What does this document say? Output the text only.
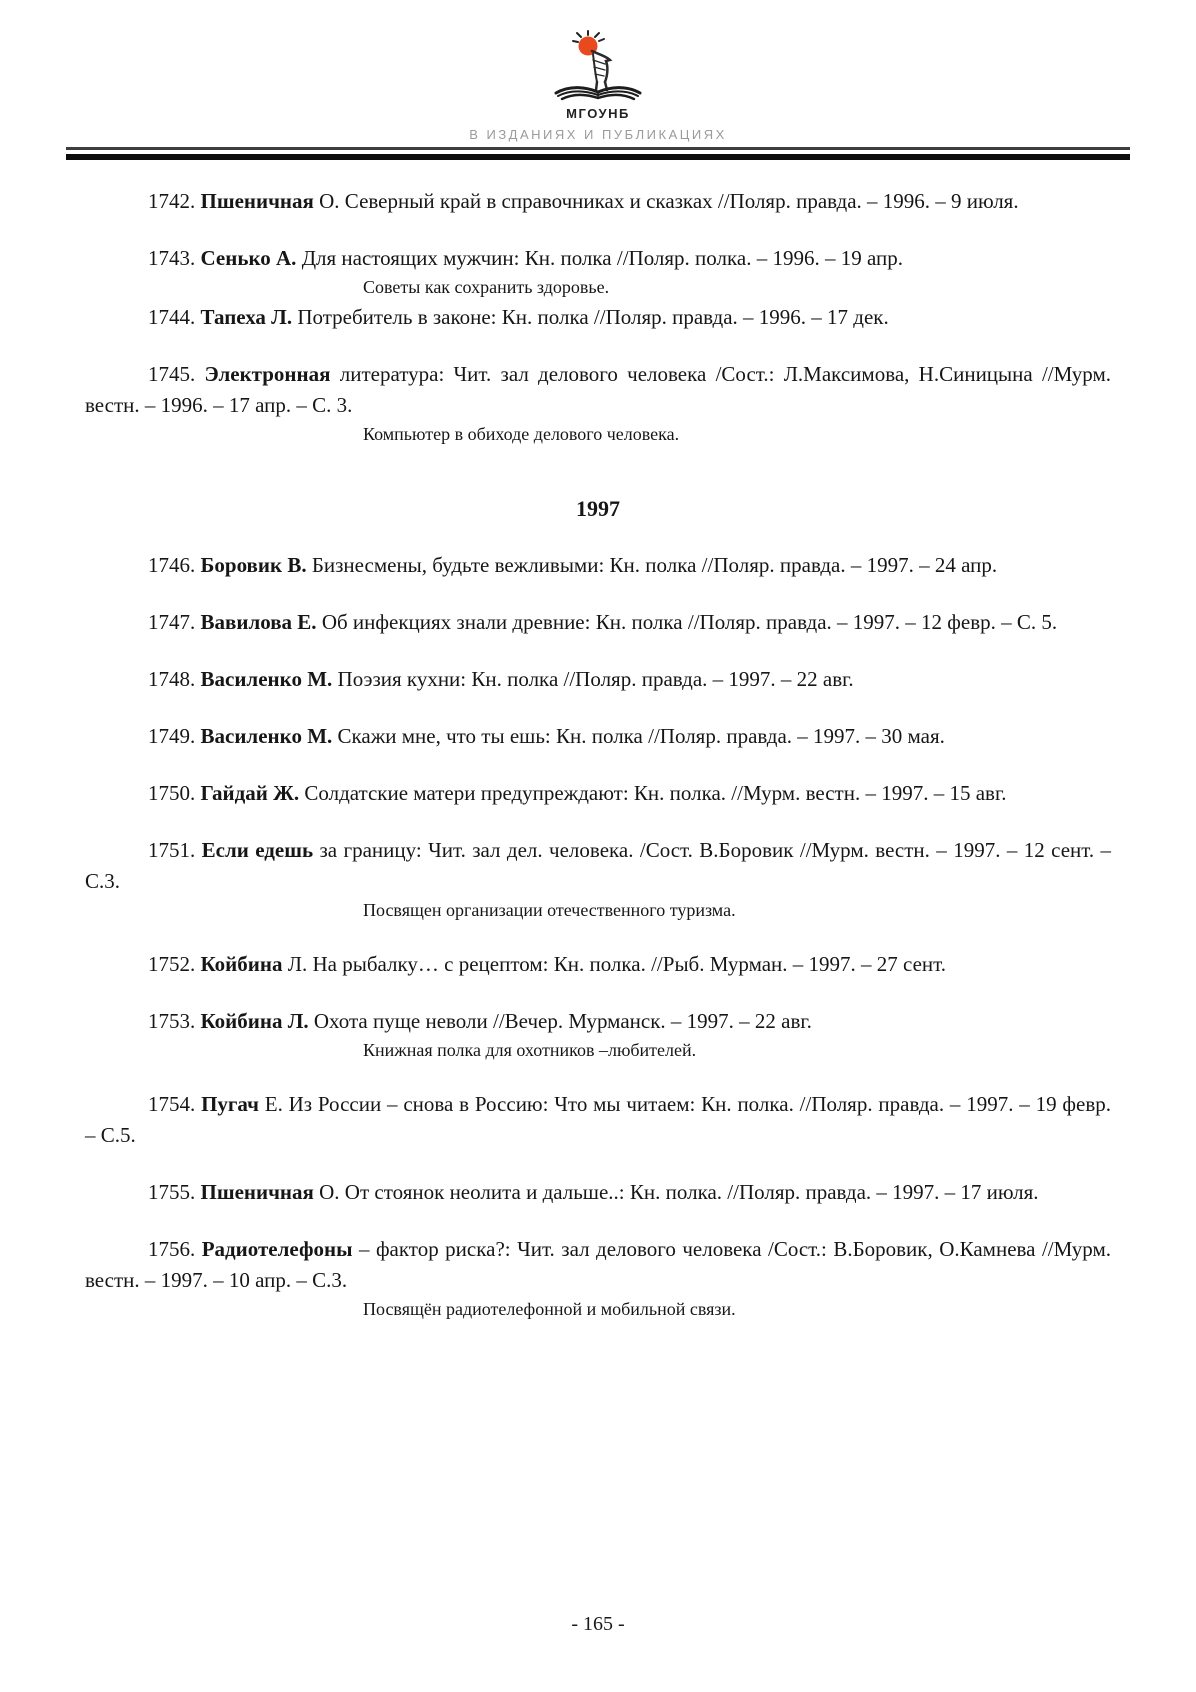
МГОУНБ
В ИЗДАНИЯХ И ПУБЛИКАЦИЯХ

1742. Пшеничная О. Северный край в справочниках и сказках //Поляр. правда. – 1996. – 9 июля.

1743. Сенько А. Для настоящих мужчин: Кн. полка //Поляр. полка. – 1996. – 19 апр.

Советы как сохранить здоровье.

1744. Тапеха Л. Потребитель в законе: Кн. полка //Поляр. правда. – 1996. – 17 дек.

1745. Электронная литература: Чит. зал делового человека /Сост.: Л.Максимова, Н.Синицына //Мурм. вестн. – 1996. – 17 апр. – С. 3.

Компьютер в обиходе делового человека.

1997

1746. Боровик В. Бизнесмены, будьте вежливыми: Кн. полка //Поляр. правда. – 1997. – 24 апр.

1747. Вавилова Е. Об инфекциях знали древние: Кн. полка //Поляр. правда. – 1997. – 12 февр. – С. 5.

1748. Василенко М. Поэзия кухни: Кн. полка //Поляр. правда. – 1997. – 22 авг.

1749. Василенко М. Скажи мне, что ты ешь: Кн. полка //Поляр. правда. – 1997. – 30 мая.

1750. Гайдай Ж. Солдатские матери предупреждают: Кн. полка. //Мурм. вестн. – 1997. – 15 авг.

1751. Если едешь за границу: Чит. зал дел. человека. /Сост. В.Боровик //Мурм. вестн. – 1997. – 12 сент. – С.3.

Посвящен организации отечественного туризма.

1752. Койбина Л. На рыбалку… с рецептом: Кн. полка. //Рыб. Мурман. – 1997. – 27 сент.

1753. Койбина Л. Охота пуще неволи //Вечер. Мурманск. – 1997. – 22 авг.

Книжная полка для охотников –любителей.

1754. Пугач Е. Из России – снова в Россию: Что мы читаем: Кн. полка. //Поляр. правда. – 1997. – 19 февр. – С.5.

1755. Пшеничная О. От стоянок неолита и дальше..: Кн. полка. //Поляр. правда. – 1997. – 17 июля.

1756. Радиотелефоны – фактор риска?: Чит. зал делового человека /Сост.: В.Боровик, О.Камнева //Мурм. вестн. – 1997. – 10 апр. – С.3.

Посвящён радиотелефонной и мобильной связи.

- 165 -
